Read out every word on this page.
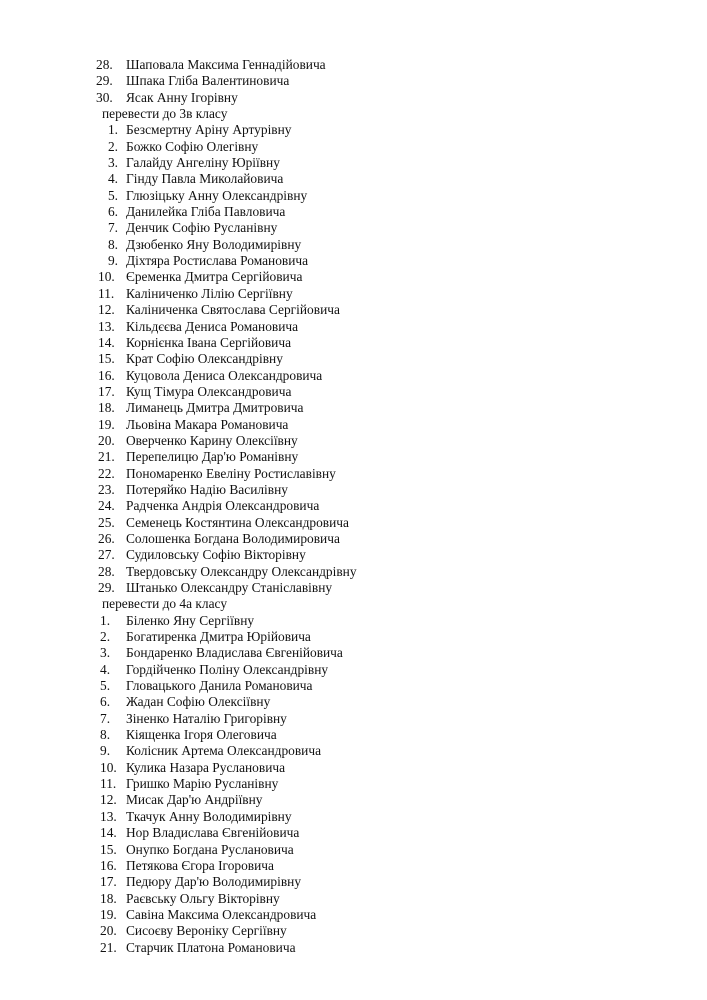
28. Шаповала Максима Геннадійовича
29. Шпака Гліба Валентиновича
30. Ясак Анну Ігорівну
перевести до 3в класу
1. Безсмертну Аріну Артурівну
2. Божко Софію Олегівну
3. Галайду Ангеліну Юріївну
4. Гінду Павла Миколайовича
5. Глюзіцьку Анну Олександрівну
6. Данилейка Гліба Павловича
7. Денчик Софію Русланівну
8. Дзюбенко Яну Володимирівну
9. Діхтяра Ростислава Романовича
10. Єременка Дмитра Сергійовича
11. Каліниченко Лілію Сергіївну
12. Каліниченка Святослава Сергійовича
13. Кільдєєва Дениса Романовича
14. Корнієнка Івана Сергійовича
15. Крат Софію Олександрівну
16. Куцовола Дениса Олександровича
17. Кущ Тімура Олександровича
18. Лиманець Дмитра Дмитровича
19. Льовіна Макара Романовича
20. Оверченко Карину Олексіївну
21. Перепелицю Дар'ю Романівну
22. Пономаренко Евеліну Ростиславівну
23. Потеряйко Надію Василівну
24. Радченка Андрія Олександровича
25. Семенець Костянтина Олександровича
26. Солошенка Богдана Володимировича
27. Судиловську Софію Вікторівну
28. Твердовську Олександру Олександрівну
29. Штанько Олександру Станіславівну
перевести до 4а класу
1.	Біленко Яну Сергіївну
2.	Богатиренка Дмитра Юрійовича
3.	Бондаренко Владислава Євгенійовича
4.	Гордійченко Поліну Олександрівну
5.	Гловацького Данила Романовича
6.	Жадан Софію Олексіївну
7.	Зіненко Наталію Григорівну
8.	Кіященка Ігоря Олеговича
9.	Колісник Артема Олександровича
10. Кулика Назара Руслановича
11. Гришко Марію Русланівну
12. Мисак Дар'ю Андріївну
13. Ткачук Анну Володимирівну
14. Нор Владислава Євгенійовича
15. Онупко Богдана Руслановича
16. Петякова Єгора Ігоровича
17. Педюру Дар'ю Володимирівну
18. Раєвську Ольгу Вікторівну
19. Савіна Максима Олександровича
20. Сисоєву Вероніку Сергіївну
21. Старчик Платона Романовича
